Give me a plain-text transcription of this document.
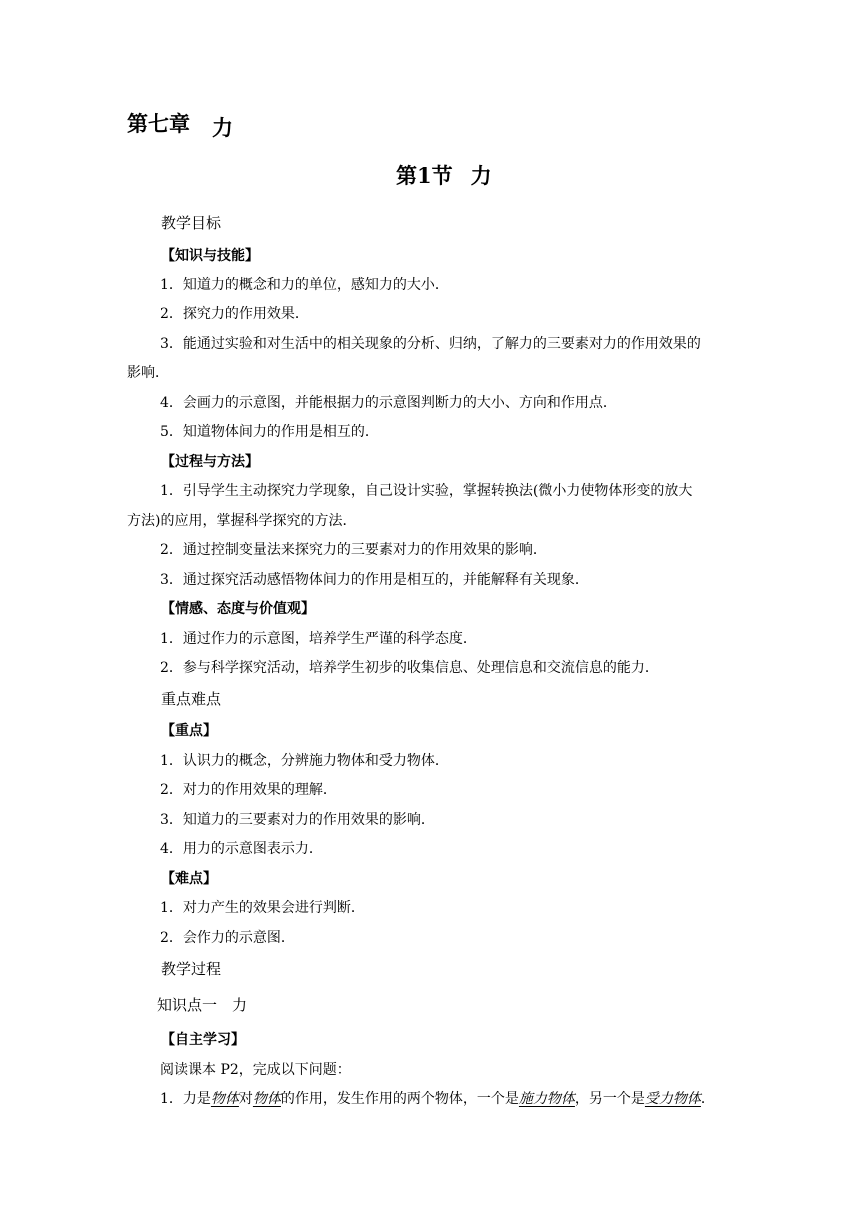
第七章 力
第1节 力
教学目标
【知识与技能】
1．知道力的概念和力的单位，感知力的大小．
2．探究力的作用效果．
3．能通过实验和对生活中的相关现象的分析、归纳，了解力的三要素对力的作用效果的
影响．
4．会画力的示意图，并能根据力的示意图判断力的大小、方向和作用点．
5．知道物体间力的作用是相互的．
【过程与方法】
1．引导学生主动探究力学现象，自己设计实验，掌握转换法(微小力使物体形变的放大
方法)的应用，掌握科学探究的方法．
2．通过控制变量法来探究力的三要素对力的作用效果的影响．
3．通过探究活动感悟物体间力的作用是相互的，并能解释有关现象．
【情感、态度与价值观】
1．通过作力的示意图，培养学生严谨的科学态度．
2．参与科学探究活动，培养学生初步的收集信息、处理信息和交流信息的能力．
重点难点
【重点】
1．认识力的概念，分辨施力物体和受力物体．
2．对力的作用效果的理解．
3．知道力的三要素对力的作用效果的影响．
4．用力的示意图表示力．
【难点】
1．对力产生的效果会进行判断．
2．会作力的示意图．
教学过程
知识点一　力
【自主学习】
阅读课本 P2，完成以下问题：
1．力是物体对物体的作用，发生作用的两个物体，一个是施力物体，另一个是受力物体．
